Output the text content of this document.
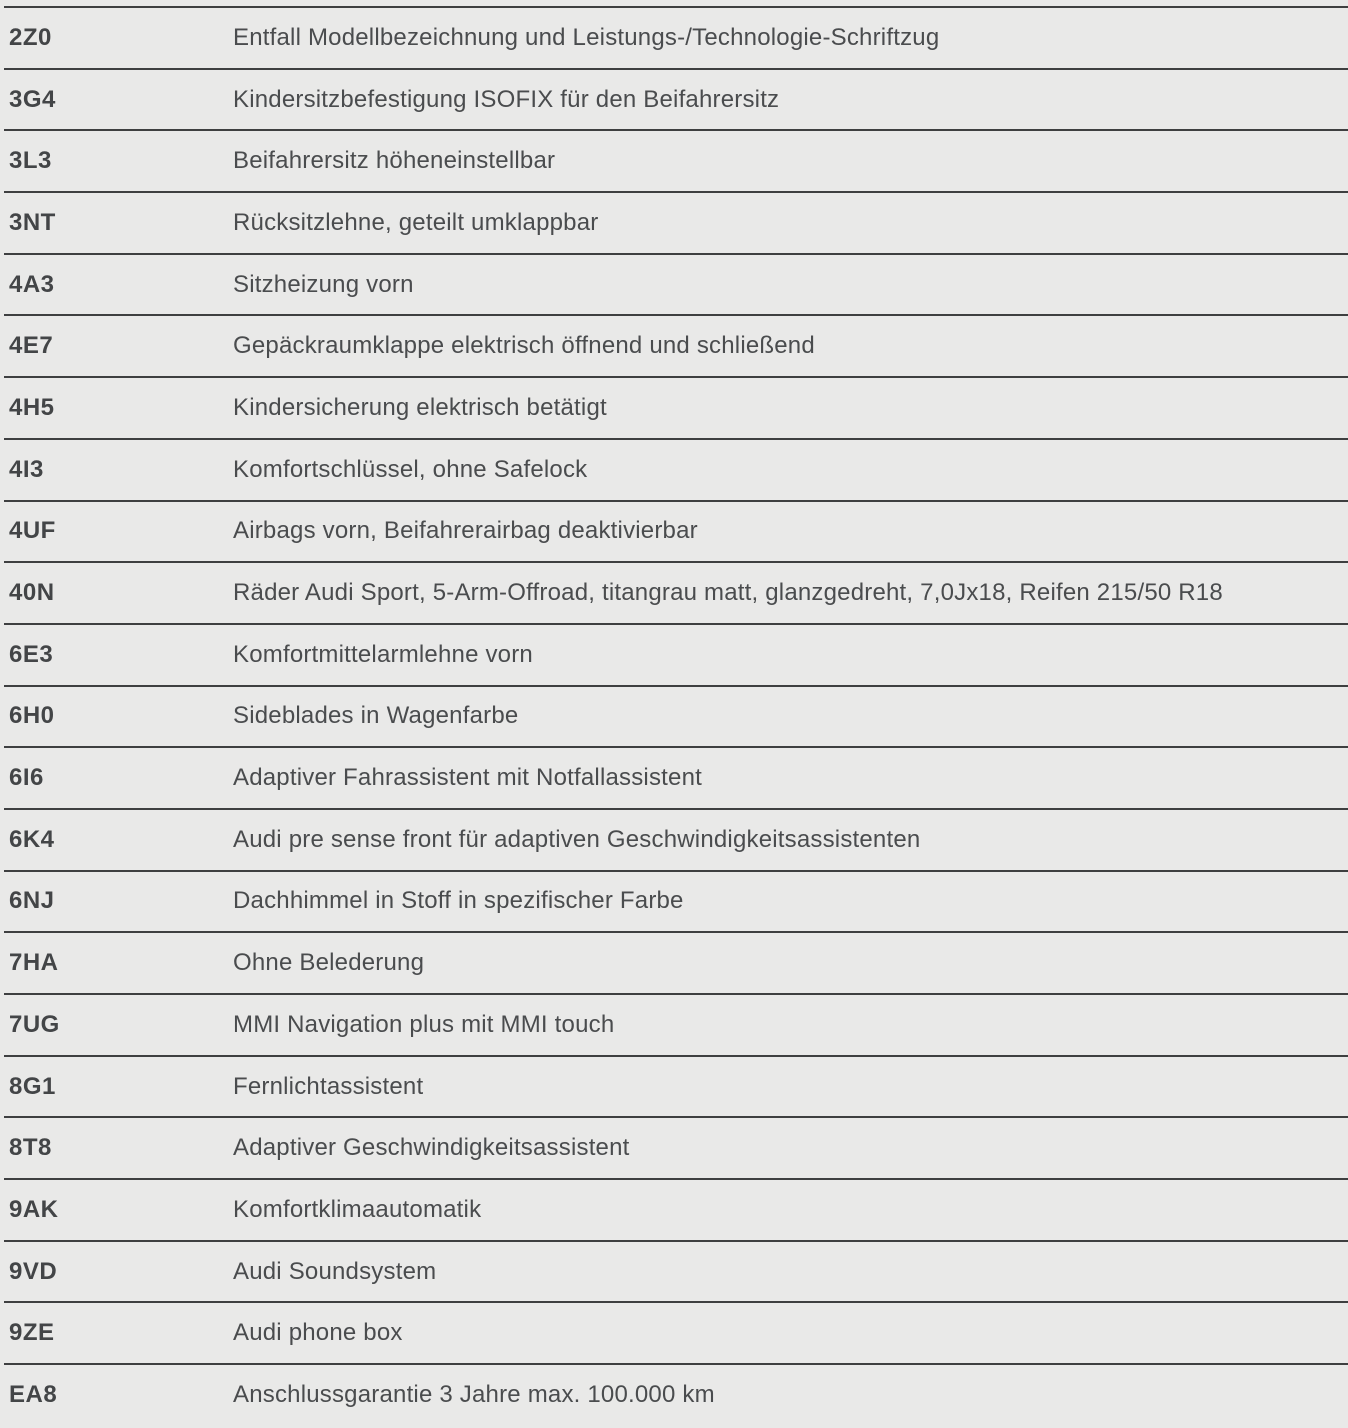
2Z0	Entfall Modellbezeichnung und Leistungs-/Technologie-Schriftzug
3G4	Kindersitzbefestigung ISOFIX für den Beifahrersitz
3L3	Beifahrersitz höheneinstellbar
3NT	Rücksitzlehne, geteilt umklappbar
4A3	Sitzheizung vorn
4E7	Gepäckraumklappe elektrisch öffnend und schließend
4H5	Kindersicherung elektrisch betätigt
4I3	Komfortschlüssel, ohne Safelock
4UF	Airbags vorn, Beifahrerairbag deaktivierbar
40N	Räder Audi Sport, 5-Arm-Offroad, titangrau matt, glanzgedreht, 7,0Jx18, Reifen 215/50 R18
6E3	Komfortmittelarmlehne vorn
6H0	Sideblades in Wagenfarbe
6I6	Adaptiver Fahrassistent mit Notfallassistent
6K4	Audi pre sense front für adaptiven Geschwindigkeitsassistenten
6NJ	Dachhimmel in Stoff in spezifischer Farbe
7HA	Ohne Belederung
7UG	MMI Navigation plus mit MMI touch
8G1	Fernlichtassistent
8T8	Adaptiver Geschwindigkeitsassistent
9AK	Komfortklimaautomatik
9VD	Audi Soundsystem
9ZE	Audi phone box
EA8	Anschlussgarantie 3 Jahre max. 100.000 km
